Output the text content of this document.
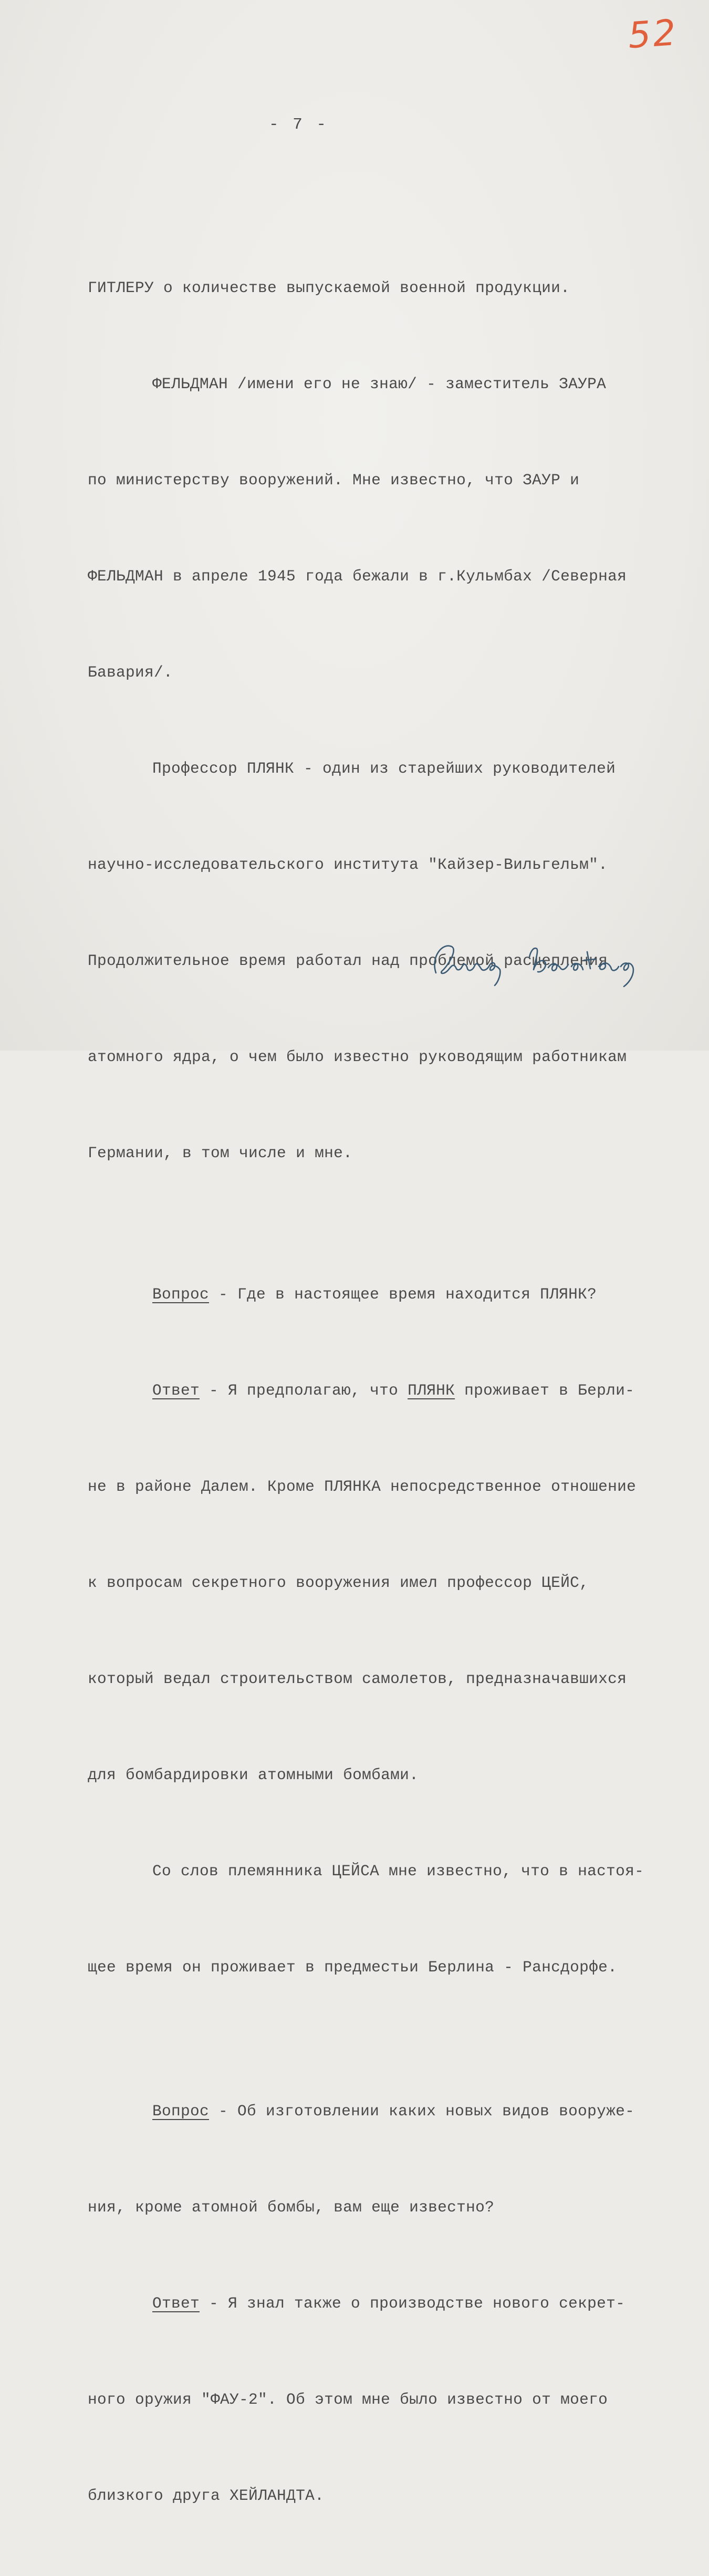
52
- 7 -

ГИТЛЕРУ о количестве выпускаемой военной продукции.

ФЕЛЬДМАН /имени его не знаю/ - заместитель ЗАУРА

по министерству вооружений. Мне известно, что ЗАУР и

ФЕЛЬДМАН в апреле 1945 года бежали в г.Кульмбах /Северная

Бавария/.

Профессор ПЛЯНК - один из старейших руководителей

научно-исследовательского института "Кайзер-Вильгельм".

Продолжительное время работал над проблемой расщепления

атомного ядра, о чем было известно руководящим работникам

Германии, в том числе и мне.

Вопрос - Где в настоящее время находится ПЛЯНК?

Ответ - Я предполагаю, что ПЛЯНК проживает в Берли-

не в районе Далем. Кроме ПЛЯНКА непосредственное отношение

к вопросам секретного вооружения имел профессор ЦЕЙС,

который ведал строительством самолетов, предназначавшихся

для бомбардировки атомными бомбами.

Со слов племянника ЦЕЙСА мне известно, что в настоя-

щее время он проживает в предместьи Берлина - Рансдорфе.

Вопрос - Об изготовлении каких новых видов вооруже-

ния, кроме атомной бомбы, вам еще известно?

Ответ - Я знал также о производстве нового секрет-

ного оружия "ФАУ-2". Об этом мне было известно от моего

близкого друга ХЕЙЛАНДТА.
